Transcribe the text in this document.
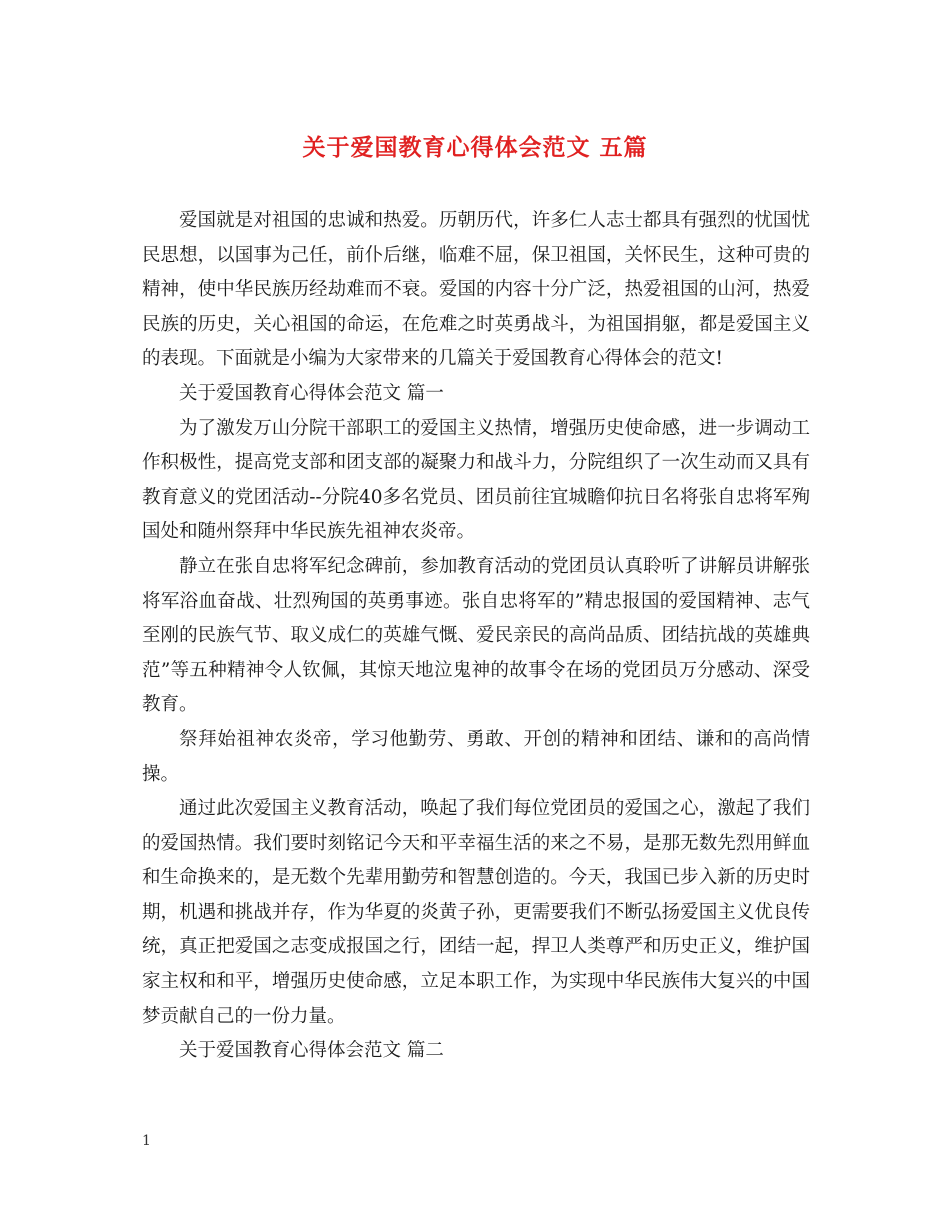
关于爱国教育心得体会范文 五篇

爱国就是对祖国的忠诚和热爱。历朝历代，许多仁人志士都具有强烈的忧国忧民思想，以国事为己任，前仆后继，临难不屈，保卫祖国，关怀民生，这种可贵的精神，使中华民族历经劫难而不衰。爱国的内容十分广泛，热爱祖国的山河，热爱民族的历史，关心祖国的命运，在危难之时英勇战斗，为祖国捐躯，都是爱国主义的表现。下面就是小编为大家带来的几篇关于爱国教育心得体会的范文!

关于爱国教育心得体会范文 篇一

为了激发万山分院干部职工的爱国主义热情，增强历史使命感，进一步调动工作积极性，提高党支部和团支部的凝聚力和战斗力，分院组织了一次生动而又具有教育意义的党团活动--分院40多名党员、团员前往宜城瞻仰抗日名将张自忠将军殉国处和随州祭拜中华民族先祖神农炎帝。

静立在张自忠将军纪念碑前，参加教育活动的党团员认真聆听了讲解员讲解张将军浴血奋战、壮烈殉国的英勇事迹。张自忠将军的”精忠报国的爱国精神、志气至刚的民族气节、取义成仁的英雄气慨、爱民亲民的高尚品质、团结抗战的英雄典范”等五种精神令人钦佩，其惊天地泣鬼神的故事令在场的党团员万分感动、深受教育。

祭拜始祖神农炎帝，学习他勤劳、勇敢、开创的精神和团结、谦和的高尚情操。

通过此次爱国主义教育活动，唤起了我们每位党团员的爱国之心，激起了我们的爱国热情。我们要时刻铭记今天和平幸福生活的来之不易，是那无数先烈用鲜血和生命换来的，是无数个先辈用勤劳和智慧创造的。今天，我国已步入新的历史时期，机遇和挑战并存，作为华夏的炎黄子孙，更需要我们不断弘扬爱国主义优良传统，真正把爱国之志变成报国之行，团结一起，捍卫人类尊严和历史正义，维护国家主权和和平，增强历史使命感，立足本职工作，为实现中华民族伟大复兴的中国梦贡献自己的一份力量。

关于爱国教育心得体会范文 篇二

1
